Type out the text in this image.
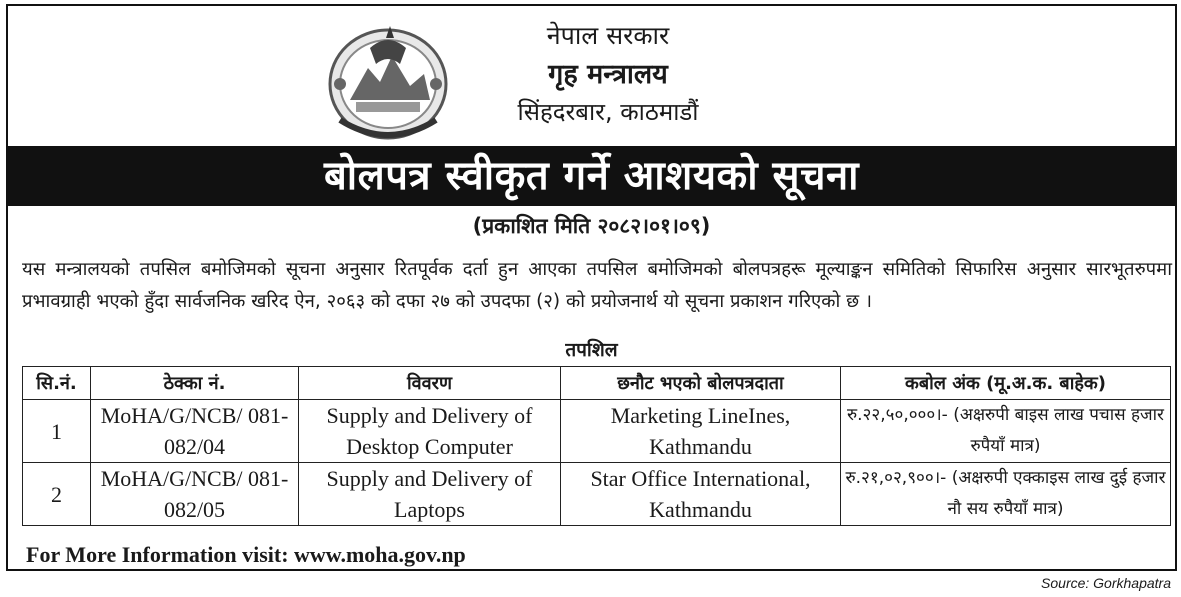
नेपाल सरकार
गृह मन्त्रालय
सिंहदरबार, काठमाडौं
बोलपत्र स्वीकृत गर्ने आशयको सूचना
(प्रकाशित मिति २०८२।०१।०९)

यस मन्त्रालयको तपसिल बमोजिमको सूचना अनुसार रितपूर्वक दर्ता हुन आएका तपसिल बमोजिमको बोलपत्रहरू मूल्याङ्कन समितिको सिफारिस अनुसार सारभूतरुपमा प्रभावग्राही भएको हुँदा सार्वजनिक खरिद ऐन, २०६३ को दफा २७ को उपदफा (२) को प्रयोजनार्थ यो सूचना प्रकाशन गरिएको छ ।

तपशिल
सि.नं.	ठेक्का नं.	विवरण	छनौट भएको बोलपत्रदाता	कबोल अंक (मू.अ.क. बाहेक)
1	MoHA/G/NCB/ 081-082/04	Supply and Delivery of Desktop Computer	Marketing LineInes, Kathmandu	रु.२२,५०,०००।- (अक्षरुपी बाइस लाख पचास हजार रुपैयाँ मात्र)
2	MoHA/G/NCB/ 081-082/05	Supply and Delivery of Laptops	Star Office International, Kathmandu	रु.२१,०२,९००।- (अक्षरुपी एक्काइस लाख दुई हजार नौ सय रुपैयाँ मात्र)
For More Information visit: www.moha.gov.np
Source: Gorkhapatra
